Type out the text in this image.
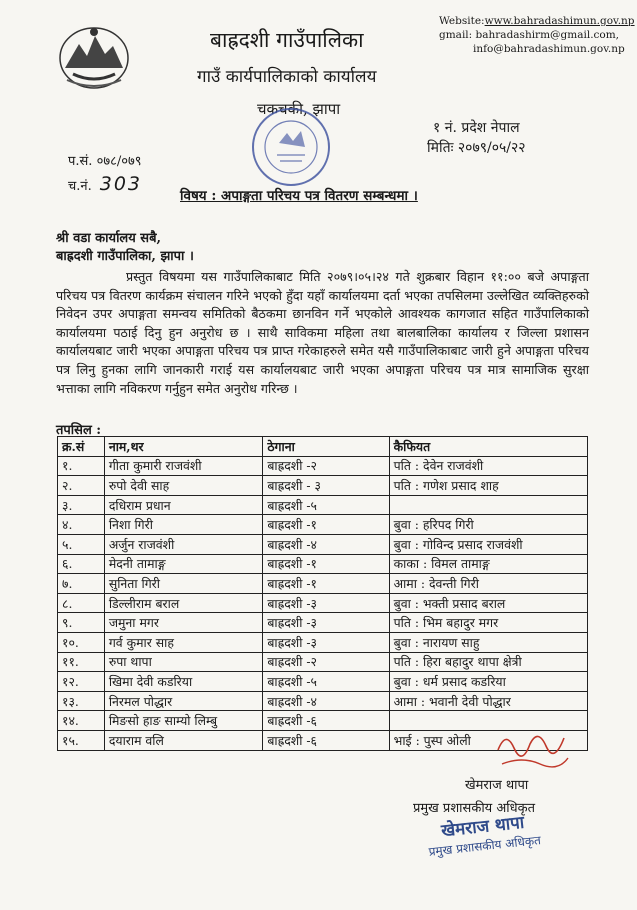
बाह्रदशी गाउँपालिका
गाउँ कार्यपालिकाको कार्यालय
चकचकी, झापा
Website:www.bahradashimun.gov.np
gmail: bahradashirm@gmail.com,
info@bahradashimun.gov.np
१ नं. प्रदेश नेपाल
मितिः २०७९/०५/२२
प.सं. ०७८/०७९
च.नं. 303
विषय : अपाङ्गता परिचय पत्र वितरण सम्बन्धमा ।
श्री वडा कार्यालय सबै,
बाह्रदशी गाउँपालिका, झापा ।
प्रस्तुत विषयमा यस गाउँपालिकाबाट मिति २०७९।०५।२४ गते शुक्रबार विहान ११:०० बजे अपाङ्गता परिचय पत्र वितरण कार्यक्रम संचालन गरिने भएको हुँदा यहाँ कार्यालयमा दर्ता भएका तपसिलमा उल्लेखित व्यक्तिहरुको निवेदन उपर अपाङ्गता समन्वय समितिको बैठकमा छानविन गर्ने भएकोले आवश्यक कागजात सहित गाउँपालिकाको कार्यालयमा पठाई दिनु हुन अनुरोध छ । साथै साविकमा महिला तथा बालबालिका कार्यालय र जिल्ला प्रशासन कार्यालयबाट जारी भएका अपाङ्गता परिचय पत्र प्राप्त गरेकाहरुले समेत यसै गाउँपालिकाबाट जारी हुने अपाङ्गता परिचय पत्र लिनु हुनका लागि जानकारी गराई यस कार्यालयबाट जारी भएका अपाङ्गता परिचय पत्र मात्र सामाजिक सुरक्षा भत्ताका लागि नविकरण गर्नुहुन समेत अनुरोध गरिन्छ ।
तपसिल :
क्र.सं	नाम,थर	ठेगाना	कैफियत
१.	गीता कुमारी राजवंशी	बाह्रदशी -२	पति : देवेन राजवंशी
२.	रुपो देवी साह	बाह्रदशी - ३	पति : गणेश प्रसाद शाह
३.	दधिराम प्रधान	बाह्रदशी -५	
४.	निशा गिरी	बाह्रदशी -१	बुवा : हरिपद गिरी
५.	अर्जुन राजवंशी	बाह्रदशी -४	बुवा : गोविन्द प्रसाद राजवंशी
६.	मेदनी तामाङ्ग	बाह्रदशी -१	काका : विमल तामाङ्ग
७.	सुनिता गिरी	बाह्रदशी -१	आमा : देवन्ती गिरी
८.	डिल्लीराम बराल	बाह्रदशी -३	बुवा : भक्ती प्रसाद बराल
९.	जमुना मगर	बाह्रदशी -३	पति : भिम बहादुर मगर
१०.	गर्व कुमार साह	बाह्रदशी -३	बुवा : नारायण साहु
११.	रुपा थापा	बाह्रदशी -२	पति : हिरा बहादुर थापा क्षेत्री
१२.	खिमा देवी कडरिया	बाह्रदशी -५	बुवा : धर्म प्रसाद कडरिया
१३.	निरमल पोद्धार	बाह्रदशी -४	आमा : भवानी देवी पोद्धार
१४.	मिङसो हाङ साम्यो लिम्बु	बाह्रदशी -६	
१५.	दयाराम वलि	बाह्रदशी -६	भाई : पुस्प ओली
खेमराज थापा
प्रमुख प्रशासकीय अधिकृत
खेमराज थापा
प्रमुख प्रशासकीय अधिकृत
